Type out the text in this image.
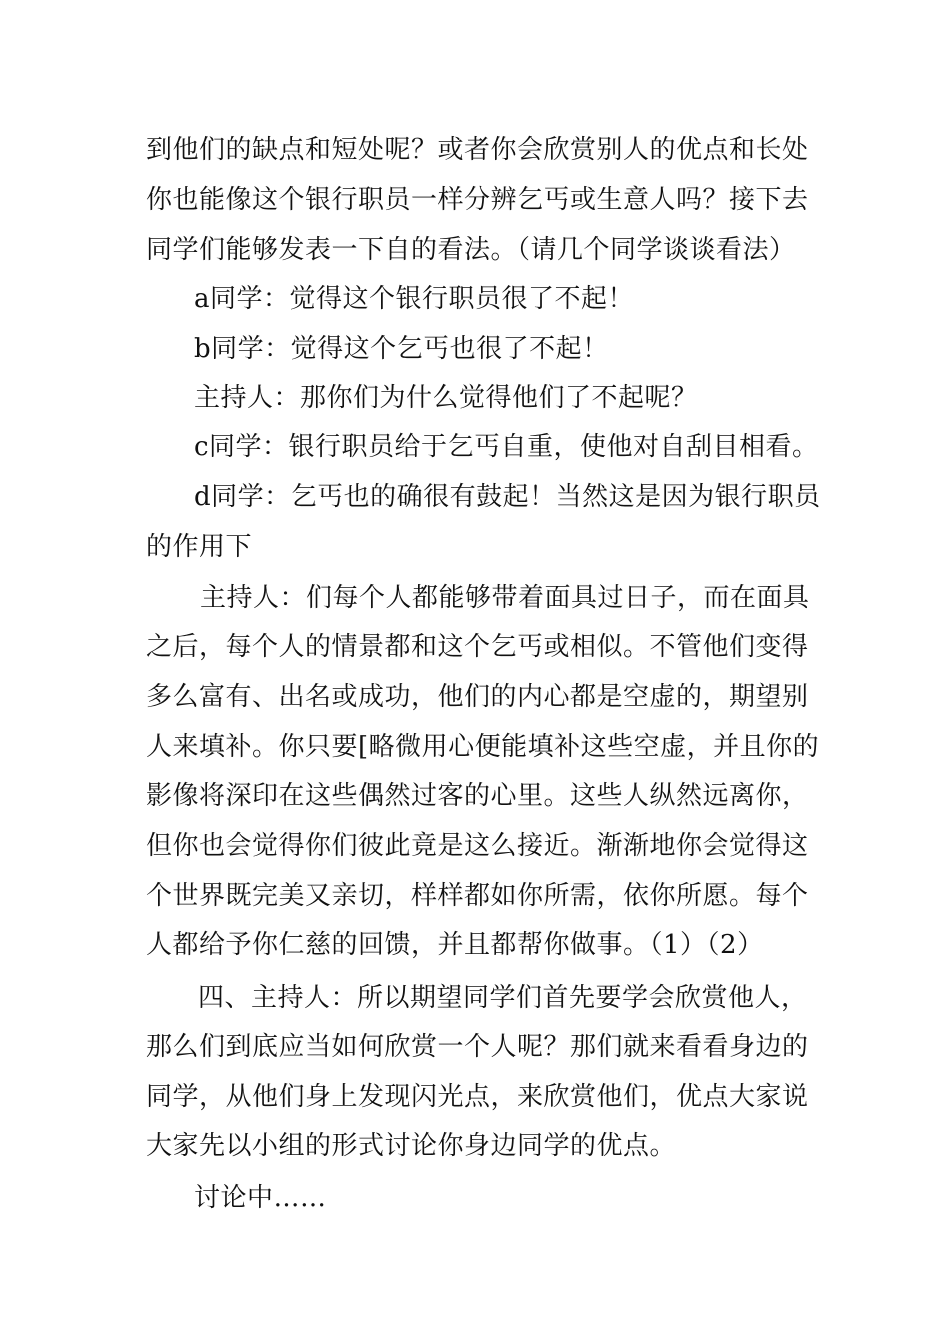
到他们的缺点和短处呢？或者你会欣赏别人的优点和长处
你也能像这个银行职员一样分辨乞丐或生意人吗？接下去
同学们能够发表一下自的看法。（请几个同学谈谈看法）
a同学：觉得这个银行职员很了不起！
b同学：觉得这个乞丐也很了不起！
主持人：那你们为什么觉得他们了不起呢？
c同学：银行职员给于乞丐自重，使他对自刮目相看。
d同学：乞丐也的确很有鼓起！当然这是因为银行职员
的作用下
主持人：们每个人都能够带着面具过日子，而在面具
之后，每个人的情景都和这个乞丐或相似。不管他们变得
多么富有、出名或成功，他们的内心都是空虚的，期望别
人来填补。你只要[略微用心便能填补这些空虚，并且你的
影像将深印在这些偶然过客的心里。这些人纵然远离你，
但你也会觉得你们彼此竟是这么接近。渐渐地你会觉得这
个世界既完美又亲切，样样都如你所需，依你所愿。每个
人都给予你仁慈的回馈，并且都帮你做事。（1）（2）
四、主持人：所以期望同学们首先要学会欣赏他人，
那么们到底应当如何欣赏一个人呢？那们就来看看身边的
同学，从他们身上发现闪光点，来欣赏他们，优点大家说
大家先以小组的形式讨论你身边同学的优点。
讨论中……
